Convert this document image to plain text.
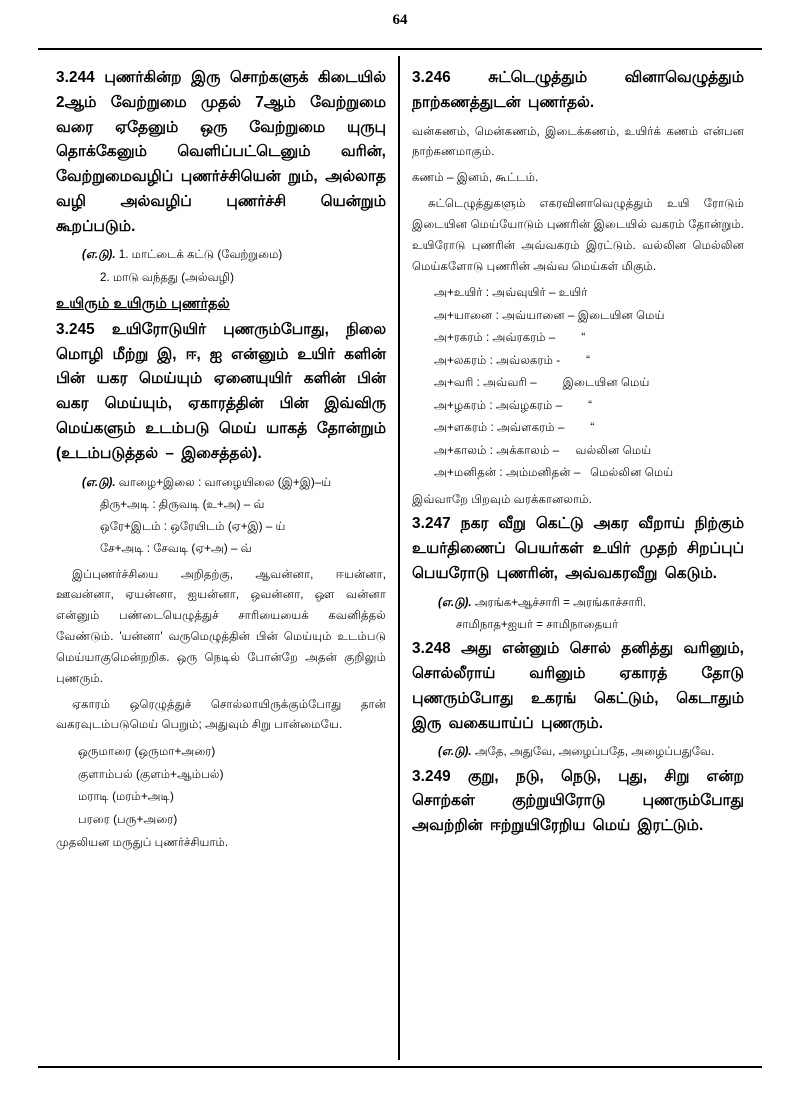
64

3.244 புணர்கின்ற இரு சொற்களுக் கிடையில் 2ஆம் வேற்றுமை முதல் 7ஆம் வேற்றுமை வரை ஏதேனும் ஒரு வேற்றுமை யுருபு தொக்கேனும் வெளிப்பட்டெனும் வரின், வேற்றுமைவழிப் புணர்ச்சியென் றும், அல்லாத வழி அல்வழிப் புணர்ச்சி யென்றும் கூறப்படும்.

(எ.டு). 1. மாட்டைக் கட்டு (வேற்றுமை)
2. மாடு வந்தது (அல்வழி)
உயிரும் உயிரும் புணர்தல்

3.245 உயிரோடுயிர் புணரும்போது, நிலை மொழி மீற்று இ, ஈ, ஐ என்னும் உயிர் களின் பின் யகர மெய்யும் ஏனையுயிர் களின் பின் வகர மெய்யும், ஏகாரத்தின் பின் இவ்விரு மெய்களும் உடம்படு மெய் யாகத் தோன்றும் (உடம்படுத்தல் – இசைத்தல்).

(எ.டு). வாழை+இலை : வாழையிலை (இ+இ)–ய்
திரு+அடி : திருவடி (உ+அ) – வ்
ஒரே+இடம் : ஒரேயிடம் (ஏ+இ) – ய்
சே+அடி : சேவடி (ஏ+அ) – வ்

இப்புணர்ச்சியை அறிதற்கு, ஆவன்னா, ஈயன்னா, ஊவன்னா, ஏயன்னா, ஐயன்னா, ஒவன்னா, ஔ வன்னா என்னும் பண்டையெழுத்துச் சாரியையைக் கவனித்தல் வேண்டும். 'யன்னா' வருமெழுத்தின் பின் மெய்யும் உடம்படு மெய்யாகுமென்றறிக. ஒரு நெடில் போன்றே அதன் குறிலும் புணரும்.

ஏகாரம் ஒரெழுத்துச் சொல்லாயிருக்கும்போது தான் வகரவுடம்படுமெய் பெறும்; அதுவும் சிறு பான்மையே.

ஒருமாரை (ஒருமா+அரை)
குளாம்பல் (குளம்+ஆம்பல்)
மராடி (மரம்+அடி)
பரரை (பரு+அரை)
முதலியன மருதுப் புணர்ச்சியாம்.

3.246 சுட்டெழுத்தும் வினாவெழுத்தும் நாற்கணத்துடன் புணர்தல்.

வன்கணம், மென்கணம், இடைக்கணம், உயிர்க் கணம் என்பன நாற்கணமாகும்.

கணம் – இனம், கூட்டம்.

சுட்டெழுத்துகளும் எகரவினாவெழுத்தும் உயி ரோடும் இடையின மெய்யோடும் புணரின் இடையில் வகரம் தோன்றும். உயிரோடு புணரின் அவ்வகரம் இரட்டும். வல்லின மெல்லின மெய்களோடு புணரின் அவ்வ மெய்கள் மிகும்.

அ+உயிர் : அவ்வுயிர் – உயிர்
அ+யானை : அவ்யானை – இடையின மெய்
அ+ரகரம் : அவ்ரகரம் –        “
அ+லகரம் : அவ்லகரம் -        “
அ+வரி : அவ்வரி –        இடையின மெய்
அ+ழகரம் : அவ்ழகரம் –        “
அ+ளகரம் : அவ்ளகரம் –        “
அ+காலம் : அக்காலம் –     வல்லின மெய்
அ+மனிதன் : அம்மனிதன் –   மெல்லின மெய்

இவ்வாறே பிறவும் வரக்கானலாம்.

3.247 நகர வீறு கெட்டு அகர வீறாய் நிற்கும் உயர்திணைப் பெயர்கள் உயிர் முதற் சிறப்புப் பெயரோடு புணரின், அவ்வகரவீறு கெடும்.

(எ.டு). அரங்க+ஆச்சாரி = அரங்காச்சாரி.
சாமிநாத+ஐயர் = சாமிநாதையர்

3.248 அது என்னும் சொல் தனித்து வரினும், சொல்லீராய் வரினும் ஏகாரத் தோடு புணரும்போது உகரங் கெட்டும், கெடாதும் இரு வகையாய்ப் புணரும்.

(எ.டு). அதே, அதுவே, அழைப்பதே, அழைப்பதுவே.

3.249 குறு, நடு, நெடு, புது, சிறு என்ற சொற்கள் குற்றுயிரோடு புணரும்போது அவற்றின் ஈற்றுயிரேறிய மெய் இரட்டும்.
